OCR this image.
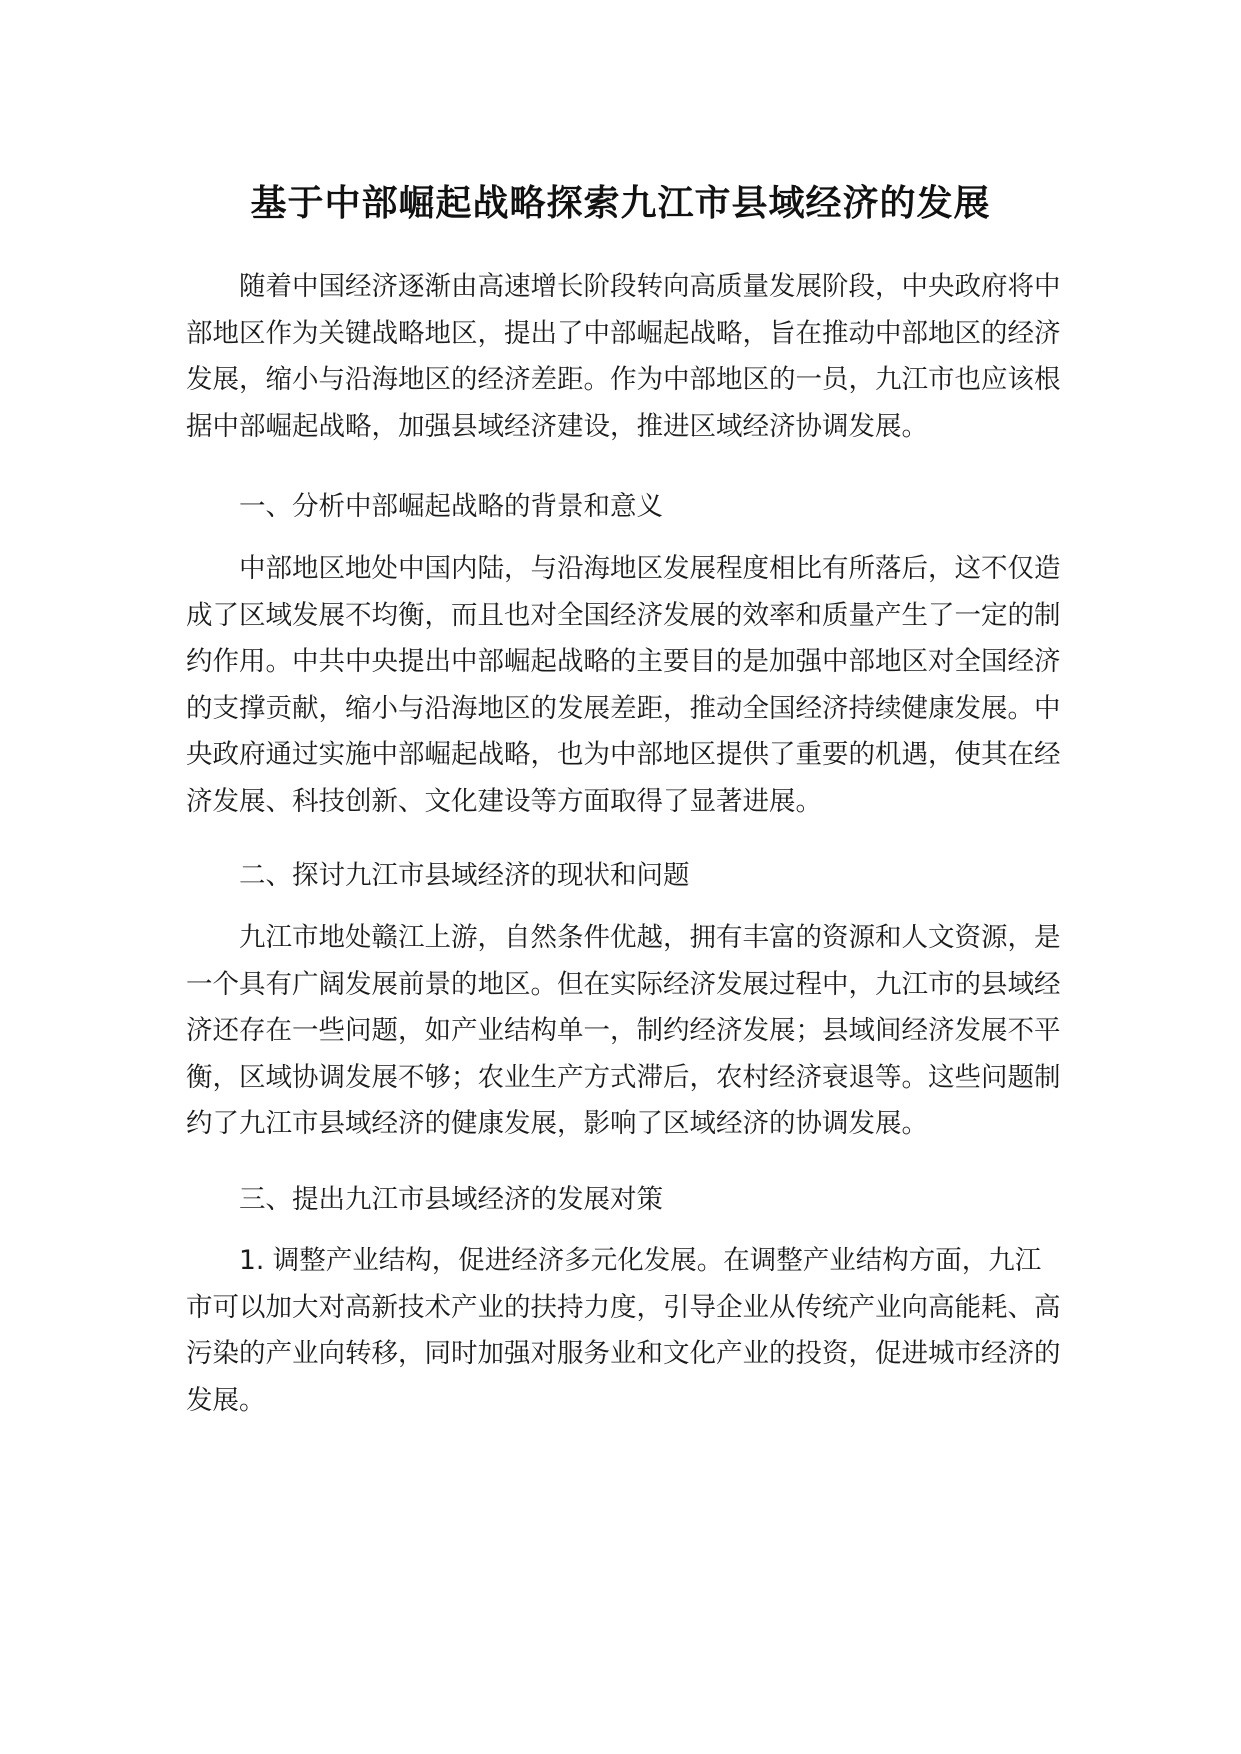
基于中部崛起战略探索九江市县域经济的发展

随着中国经济逐渐由高速增长阶段转向高质量发展阶段，中央政府将中部地区作为关键战略地区，提出了中部崛起战略，旨在推动中部地区的经济发展，缩小与沿海地区的经济差距。作为中部地区的一员，九江市也应该根据中部崛起战略，加强县域经济建设，推进区域经济协调发展。

一、分析中部崛起战略的背景和意义

中部地区地处中国内陆，与沿海地区发展程度相比有所落后，这不仅造成了区域发展不均衡，而且也对全国经济发展的效率和质量产生了一定的制约作用。中共中央提出中部崛起战略的主要目的是加强中部地区对全国经济的支撑贡献，缩小与沿海地区的发展差距，推动全国经济持续健康发展。中央政府通过实施中部崛起战略，也为中部地区提供了重要的机遇，使其在经济发展、科技创新、文化建设等方面取得了显著进展。

二、探讨九江市县域经济的现状和问题

九江市地处赣江上游，自然条件优越，拥有丰富的资源和人文资源，是一个具有广阔发展前景的地区。但在实际经济发展过程中，九江市的县域经济还存在一些问题，如产业结构单一，制约经济发展；县域间经济发展不平衡，区域协调发展不够；农业生产方式滞后，农村经济衰退等。这些问题制约了九江市县域经济的健康发展，影响了区域经济的协调发展。

三、提出九江市县域经济的发展对策

1. 调整产业结构，促进经济多元化发展。在调整产业结构方面，九江市可以加大对高新技术产业的扶持力度，引导企业从传统产业向高能耗、高污染的产业向转移，同时加强对服务业和文化产业的投资，促进城市经济的发展。
